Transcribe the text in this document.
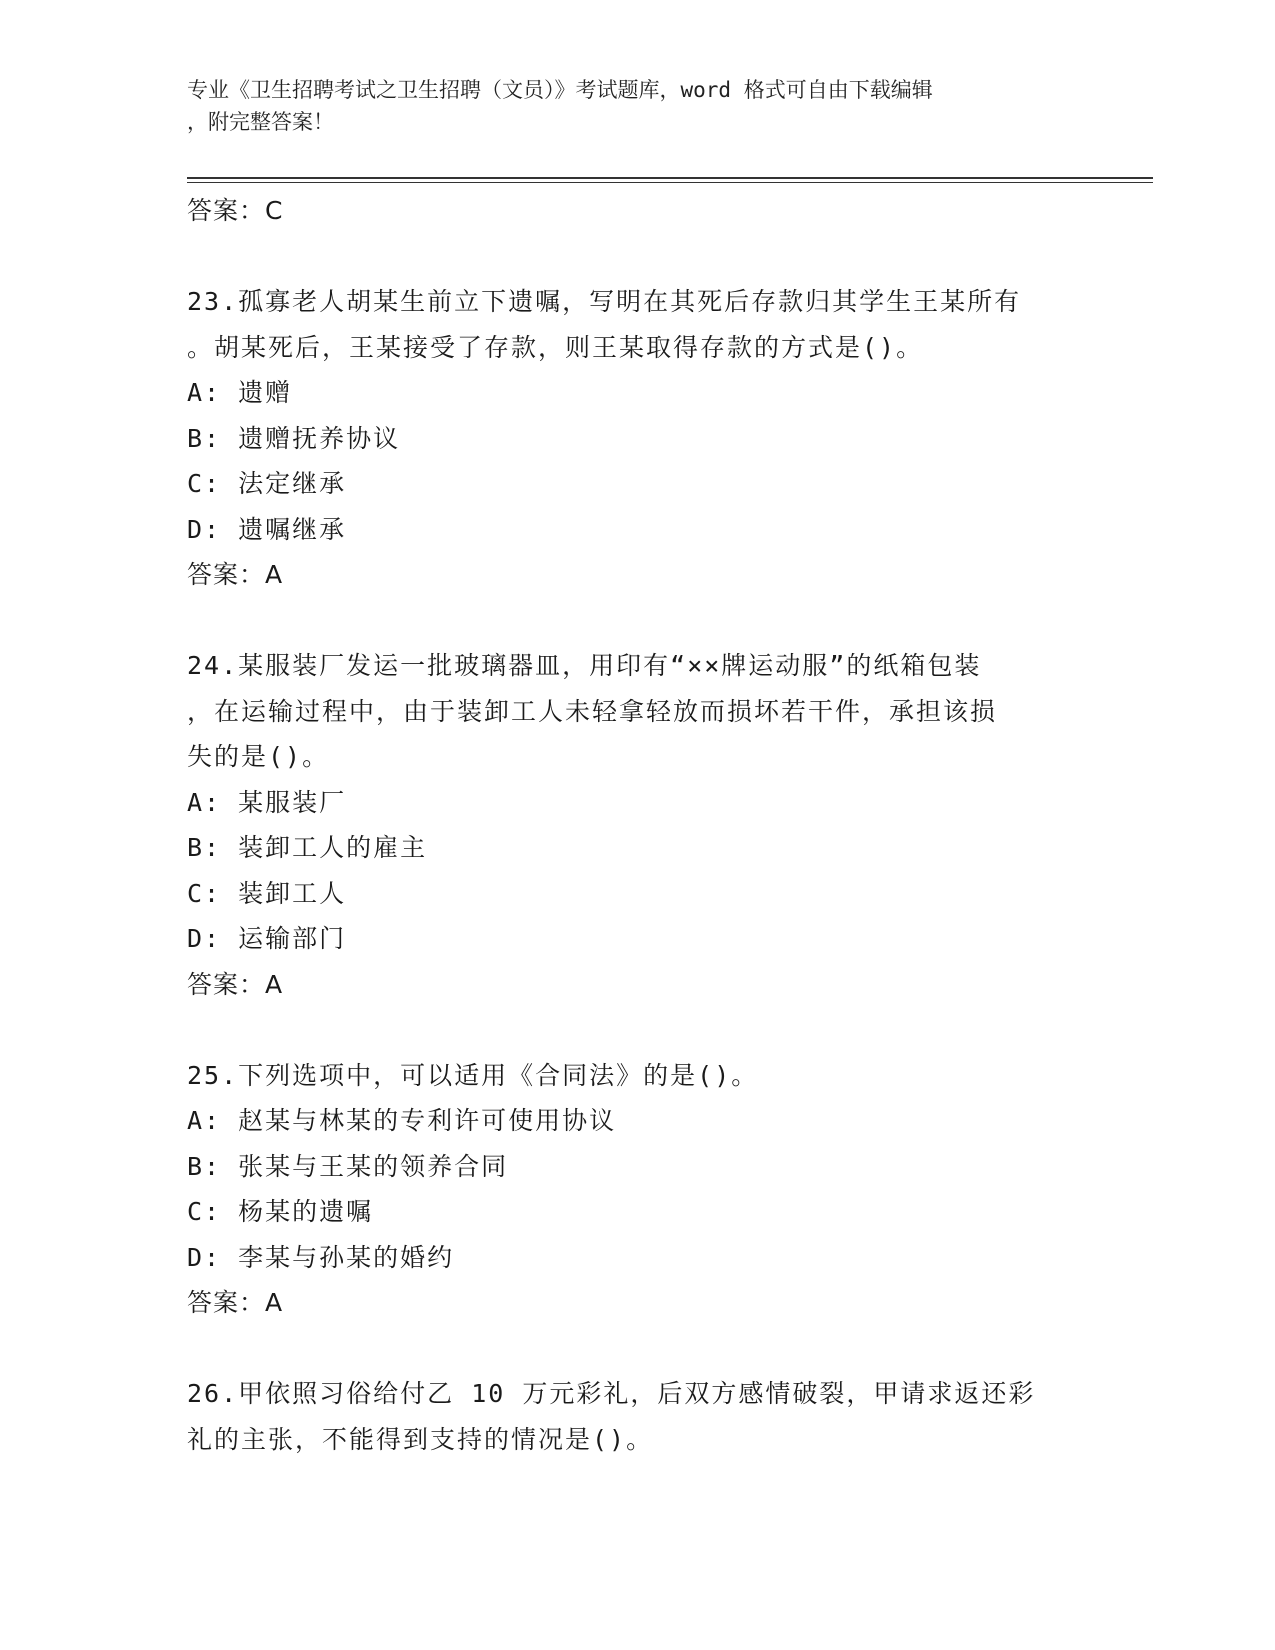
专业《卫生招聘考试之卫生招聘（文员）》考试题库，word 格式可自由下载编辑
，附完整答案！
答案：C
23.孤寡老人胡某生前立下遗嘱，写明在其死后存款归其学生王某所有
。胡某死后，王某接受了存款，则王某取得存款的方式是()。
A: 遗赠
B: 遗赠抚养协议
C: 法定继承
D: 遗嘱继承
答案：A
24.某服装厂发运一批玻璃器皿，用印有“××牌运动服”的纸箱包装
，在运输过程中，由于装卸工人未轻拿轻放而损坏若干件，承担该损
失的是()。
A: 某服装厂
B: 装卸工人的雇主
C: 装卸工人
D: 运输部门
答案：A
25.下列选项中，可以适用《合同法》的是()。
A: 赵某与林某的专利许可使用协议
B: 张某与王某的领养合同
C: 杨某的遗嘱
D: 李某与孙某的婚约
答案：A
26.甲依照习俗给付乙 10 万元彩礼，后双方感情破裂，甲请求返还彩
礼的主张，不能得到支持的情况是()。
